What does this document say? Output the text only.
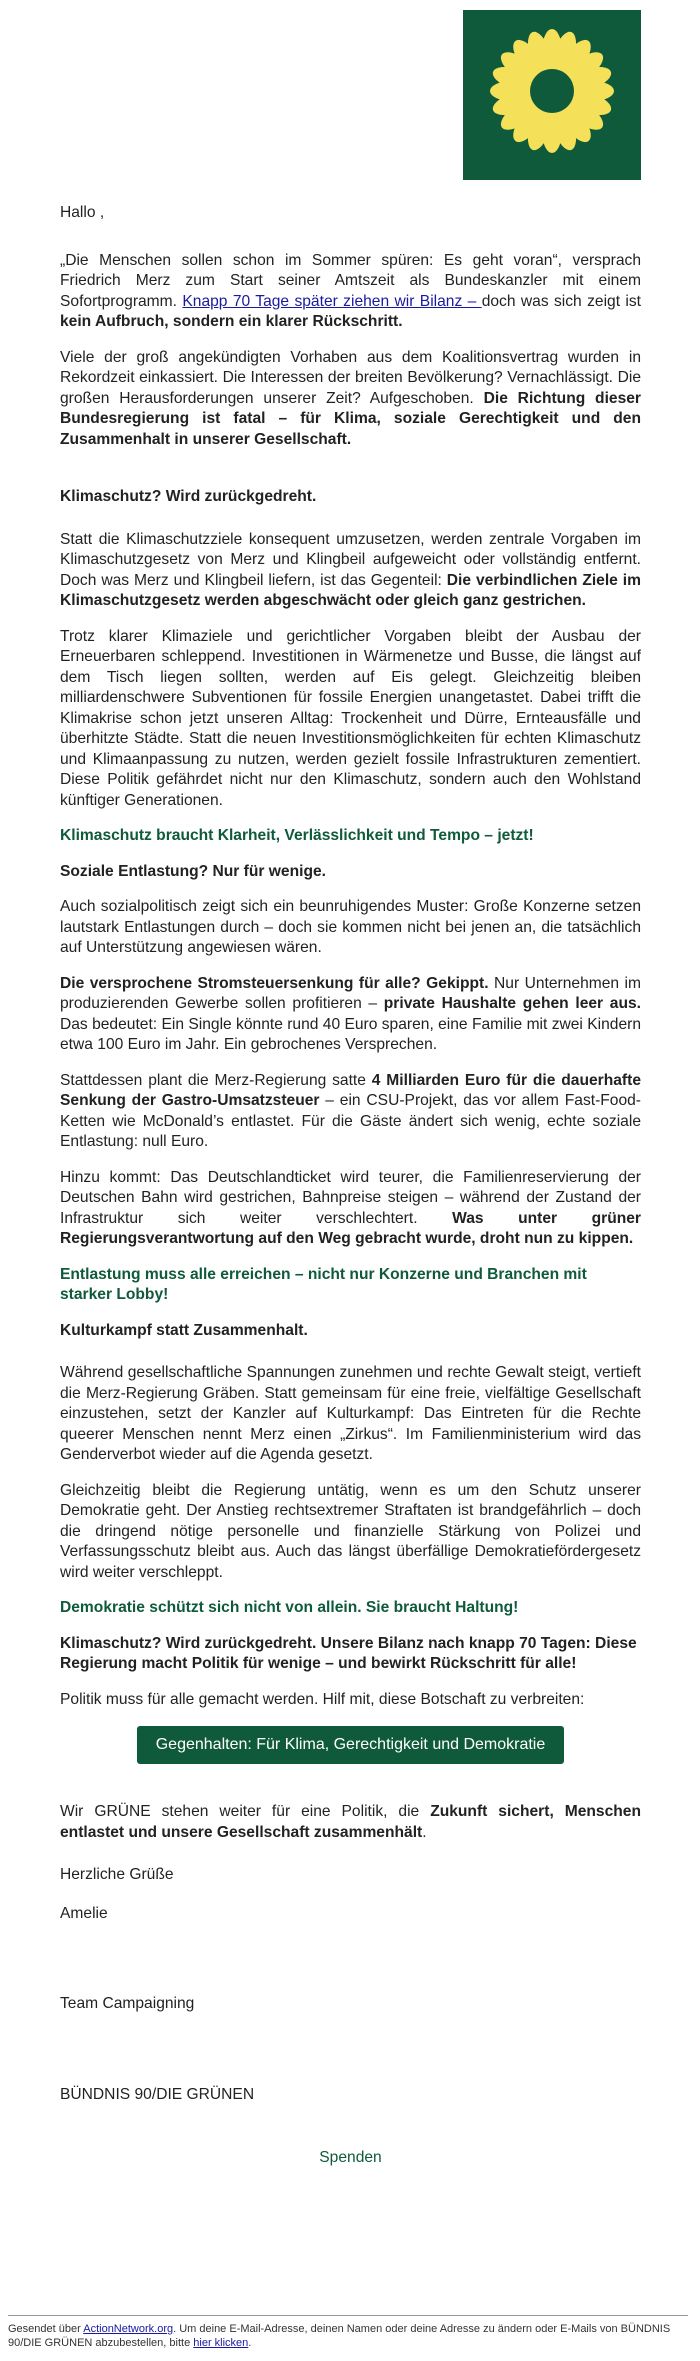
Hallo ,

„Die Menschen sollen schon im Sommer spüren: Es geht voran“, versprach Friedrich Merz zum Start seiner Amtszeit als Bundeskanzler mit einem Sofortprogramm. Knapp 70 Tage später ziehen wir Bilanz – doch was sich zeigt ist kein Aufbruch, sondern ein klarer Rückschritt.

Viele der groß angekündigten Vorhaben aus dem Koalitionsvertrag wurden in Rekordzeit einkassiert. Die Interessen der breiten Bevölkerung? Vernachlässigt. Die großen Herausforderungen unserer Zeit? Aufgeschoben. Die Richtung dieser Bundesregierung ist fatal – für Klima, soziale Gerechtigkeit und den Zusammenhalt in unserer Gesellschaft.

Klimaschutz? Wird zurückgedreht.

Statt die Klimaschutzziele konsequent umzusetzen, werden zentrale Vorgaben im Klimaschutzgesetz von Merz und Klingbeil aufgeweicht oder vollständig entfernt. Doch was Merz und Klingbeil liefern, ist das Gegenteil: Die verbindlichen Ziele im Klimaschutzgesetz werden abgeschwächt oder gleich ganz gestrichen.

Trotz klarer Klimaziele und gerichtlicher Vorgaben bleibt der Ausbau der Erneuerbaren schleppend. Investitionen in Wärmenetze und Busse, die längst auf dem Tisch liegen sollten, werden auf Eis gelegt. Gleichzeitig bleiben milliardenschwere Subventionen für fossile Energien unangetastet. Dabei trifft die Klimakrise schon jetzt unseren Alltag: Trockenheit und Dürre, Ernteausfälle und überhitzte Städte. Statt die neuen Investitionsmöglichkeiten für echten Klimaschutz und Klimaanpassung zu nutzen, werden gezielt fossile Infrastrukturen zementiert. Diese Politik gefährdet nicht nur den Klimaschutz, sondern auch den Wohlstand künftiger Generationen.

Klimaschutz braucht Klarheit, Verlässlichkeit und Tempo – jetzt!

Soziale Entlastung? Nur für wenige.

Auch sozialpolitisch zeigt sich ein beunruhigendes Muster: Große Konzerne setzen lautstark Entlastungen durch – doch sie kommen nicht bei jenen an, die tatsächlich auf Unterstützung angewiesen wären.

Die versprochene Stromsteuersenkung für alle? Gekippt. Nur Unternehmen im produzierenden Gewerbe sollen profitieren – private Haushalte gehen leer aus. Das bedeutet: Ein Single könnte rund 40 Euro sparen, eine Familie mit zwei Kindern etwa 100 Euro im Jahr. Ein gebrochenes Versprechen.

Stattdessen plant die Merz-Regierung satte 4 Milliarden Euro für die dauerhafte Senkung der Gastro-Umsatzsteuer – ein CSU-Projekt, das vor allem Fast-Food-Ketten wie McDonald’s entlastet. Für die Gäste ändert sich wenig, echte soziale Entlastung: null Euro.

Hinzu kommt: Das Deutschlandticket wird teurer, die Familienreservierung der Deutschen Bahn wird gestrichen, Bahnpreise steigen – während der Zustand der Infrastruktur sich weiter verschlechtert. Was unter grüner Regierungsverantwortung auf den Weg gebracht wurde, droht nun zu kippen.

Entlastung muss alle erreichen – nicht nur Konzerne und Branchen mit starker Lobby!

Kulturkampf statt Zusammenhalt.

Während gesellschaftliche Spannungen zunehmen und rechte Gewalt steigt, vertieft die Merz-Regierung Gräben. Statt gemeinsam für eine freie, vielfältige Gesellschaft einzustehen, setzt der Kanzler auf Kulturkampf: Das Eintreten für die Rechte queerer Menschen nennt Merz einen „Zirkus“. Im Familienministerium wird das Genderverbot wieder auf die Agenda gesetzt.

Gleichzeitig bleibt die Regierung untätig, wenn es um den Schutz unserer Demokratie geht. Der Anstieg rechtsextremer Straftaten ist brandgefährlich – doch die dringend nötige personelle und finanzielle Stärkung von Polizei und Verfassungsschutz bleibt aus. Auch das längst überfällige Demokratiefördergesetz wird weiter verschleppt.

Demokratie schützt sich nicht von allein. Sie braucht Haltung!

Klimaschutz? Wird zurückgedreht. Unsere Bilanz nach knapp 70 Tagen: Diese Regierung macht Politik für wenige – und bewirkt Rückschritt für alle!

Politik muss für alle gemacht werden. Hilf mit, diese Botschaft zu verbreiten:

Gegenhalten: Für Klima, Gerechtigkeit und Demokratie

Wir GRÜNE stehen weiter für eine Politik, die Zukunft sichert, Menschen entlastet und unsere Gesellschaft zusammenhält.

Herzliche Grüße

Amelie

Team Campaigning

BÜNDNIS 90/DIE GRÜNEN

Spenden
Gesendet über ActionNetwork.org. Um deine E-Mail-Adresse, deinen Namen oder deine Adresse zu ändern oder E-Mails von BÜNDNIS 90/DIE GRÜNEN abzubestellen, bitte hier klicken.
